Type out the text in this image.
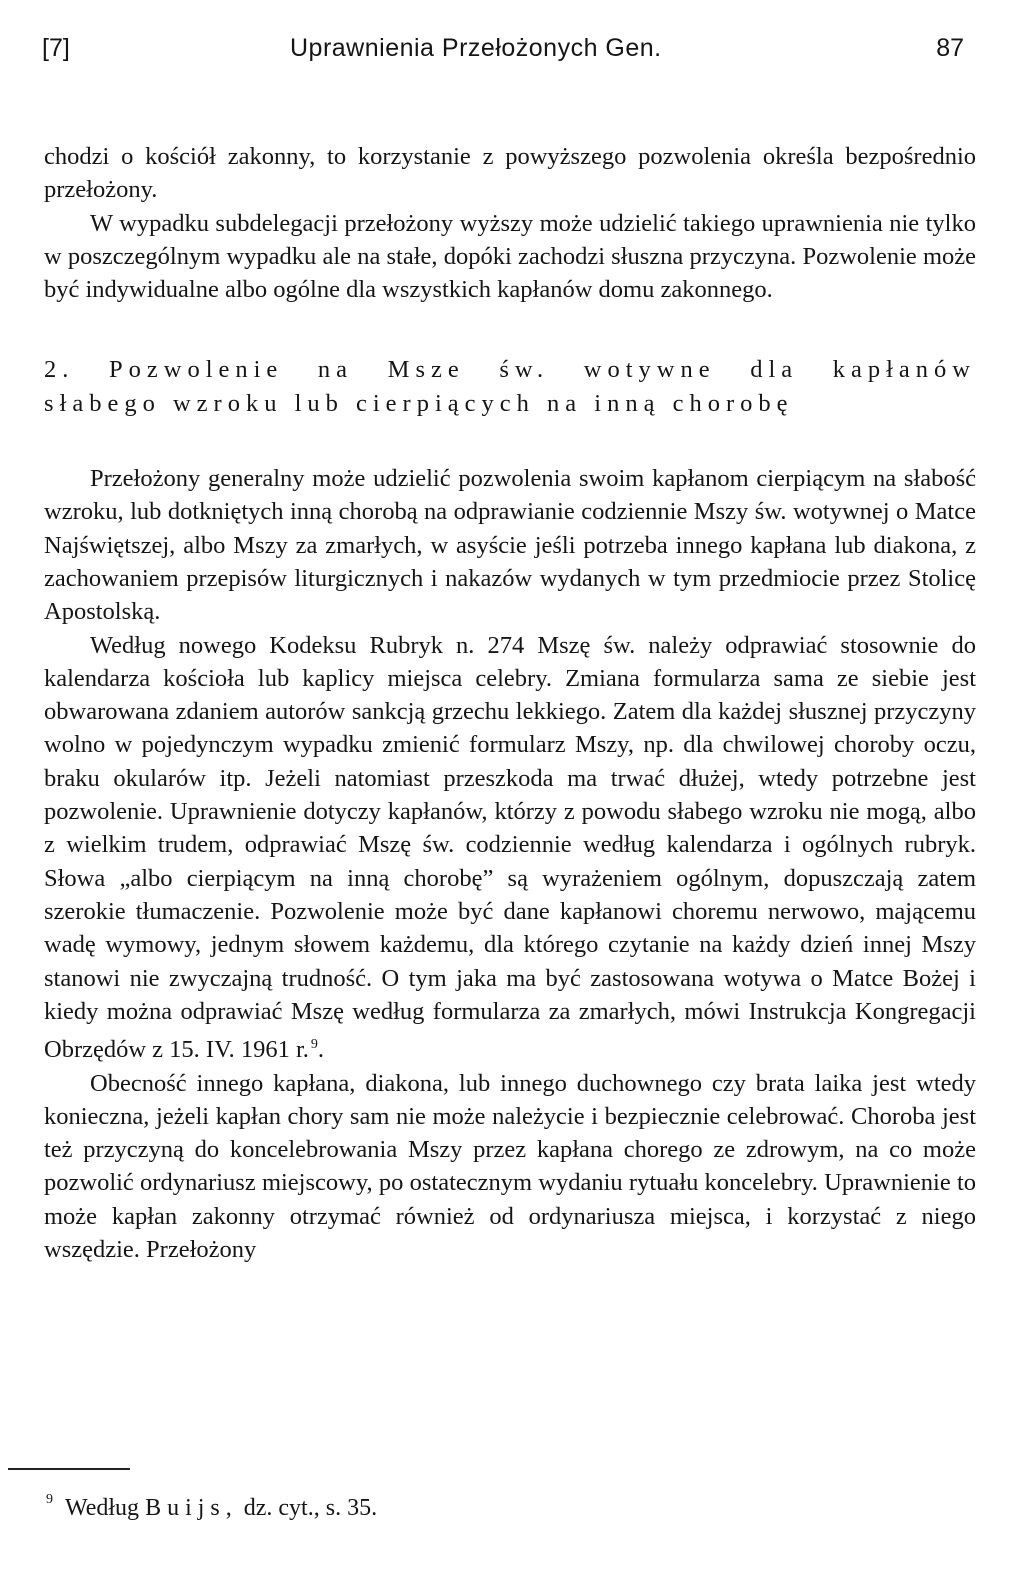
[7]	Uprawnienia Przełożonych Gen.	87

chodzi o kościół zakonny, to korzystanie z powyższego pozwolenia określa bezpośrednio przełożony.

W wypadku subdelegacji przełożony wyższy może udzielić takiego uprawnienia nie tylko w poszczególnym wypadku ale na stałe, dopóki zachodzi słuszna przyczyna. Pozwolenie może być indywidualne albo ogólne dla wszystkich kapłanów domu zakonnego.

2. Pozwolenie na Msze św. wotywne dla kapłanów
słabego wzroku lub cierpiących na inną chorobę

Przełożony generalny może udzielić pozwolenia swoim kapłanom cierpiącym na słabość wzroku, lub dotkniętych inną chorobą na odprawianie codziennie Mszy św. wotywnej o Matce Najświętszej, albo Mszy za zmarłych, w asyście jeśli potrzeba innego kapłana lub diakona, z zachowaniem przepisów liturgicznych i nakazów wydanych w tym przedmiocie przez Stolicę Apostolską.

Według nowego Kodeksu Rubryk n. 274 Mszę św. należy odprawiać stosownie do kalendarza kościoła lub kaplicy miejsca celebry. Zmiana formularza sama ze siebie jest obwarowana zdaniem autorów sankcją grzechu lekkiego. Zatem dla każdej słusznej przyczyny wolno w pojedynczym wypadku zmienić formularz Mszy, np. dla chwilowej choroby oczu, braku okularów itp. Jeżeli natomiast przeszkoda ma trwać dłużej, wtedy potrzebne jest pozwolenie. Uprawnienie dotyczy kapłanów, którzy z powodu słabego wzroku nie mogą, albo z wielkim trudem, odprawiać Mszę św. codziennie według kalendarza i ogólnych rubryk. Słowa „albo cierpiącym na inną chorobę” są wyrażeniem ogólnym, dopuszczają zatem szerokie tłumaczenie. Pozwolenie może być dane kapłanowi choremu nerwowo, mającemu wadę wymowy, jednym słowem każdemu, dla którego czytanie na każdy dzień innej Mszy stanowi nie zwyczajną trudność. O tym jaka ma być zastosowana wotywa o Matce Bożej i kiedy można odprawiać Mszę według formularza za zmarłych, mówi Instrukcja Kongregacji Obrzędów z 15. IV. 1961 r. $^9$.

Obecność innego kapłana, diakona, lub innego duchownego czy brata laika jest wtedy konieczna, jeżeli kapłan chory sam nie może należycie i bezpiecznie celebrować. Choroba jest też przyczyną do koncelebrowania Mszy przez kapłana chorego ze zdrowym, na co może pozwolić ordynariusz miejscowy, po ostatecznym wydaniu rytuału koncelebry. Uprawnienie to może kapłan zakonny otrzymać również od ordynariusza miejsca, i korzystać z niego wszędzie. Przełożony

$^9$ Według Buijs, dz. cyt., s. 35.
